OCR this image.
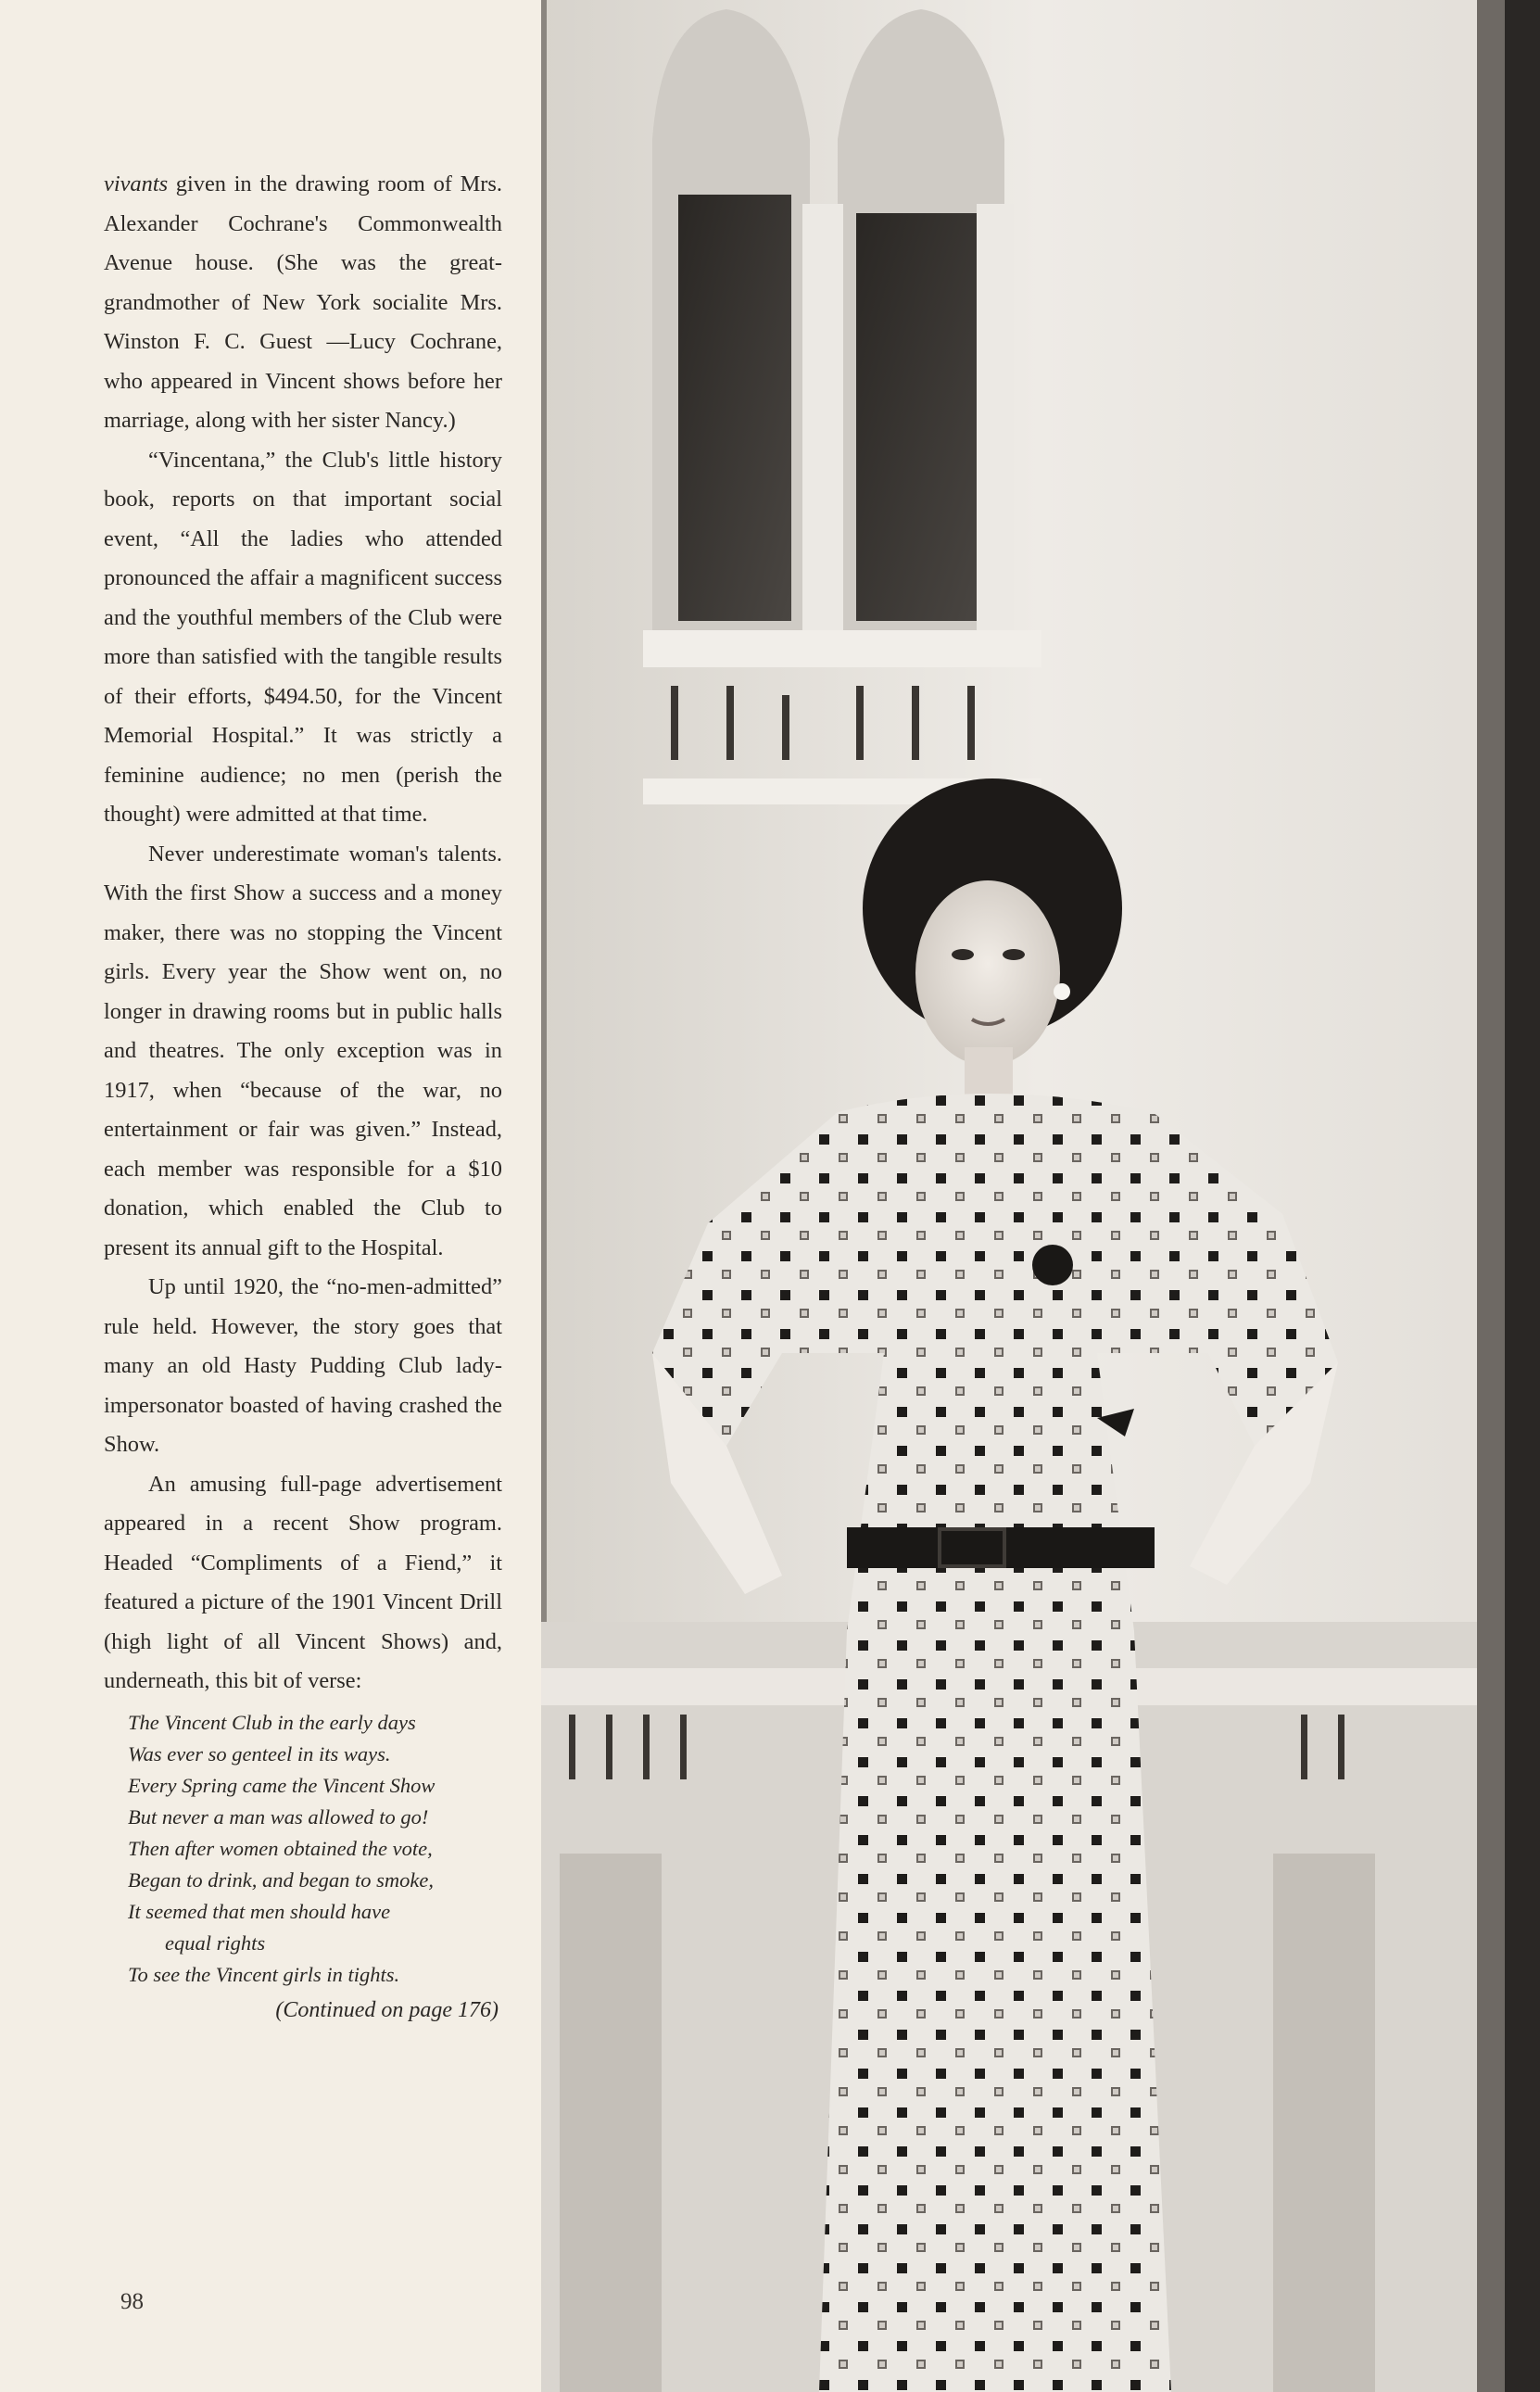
vivants given in the drawing room of Mrs. Alexander Cochrane's Commonwealth Avenue house. (She was the great-grandmother of New York socialite Mrs. Winston F. C. Guest —Lucy Cochrane, who appeared in Vincent shows before her marriage, along with her sister Nancy.)

“Vincentana,” the Club's little history book, reports on that important social event, “All the ladies who attended pronounced the affair a magnificent success and the youthful members of the Club were more than satisfied with the tangible results of their efforts, $494.50, for the Vincent Memorial Hospital.” It was strictly a feminine audience; no men (perish the thought) were admitted at that time.

Never underestimate woman's talents. With the first Show a success and a money maker, there was no stopping the Vincent girls. Every year the Show went on, no longer in drawing rooms but in public halls and theatres. The only exception was in 1917, when “because of the war, no entertainment or fair was given.” Instead, each member was responsible for a $10 donation, which enabled the Club to present its annual gift to the Hospital.

Up until 1920, the “no-men-admitted” rule held. However, the story goes that many an old Hasty Pudding Club lady-impersonator boasted of having crashed the Show.

An amusing full-page advertisement appeared in a recent Show program. Headed “Compliments of a Fiend,” it featured a picture of the 1901 Vincent Drill (high light of all Vincent Shows) and, underneath, this bit of verse:

The Vincent Club in the early days
Was ever so genteel in its ways.
Every Spring came the Vincent Show
But never a man was allowed to go!
Then after women obtained the vote,
Began to drink, and began to smoke,
It seemed that men should have
equal rights
To see the Vincent girls in tights.
(Continued on page 176)
98
